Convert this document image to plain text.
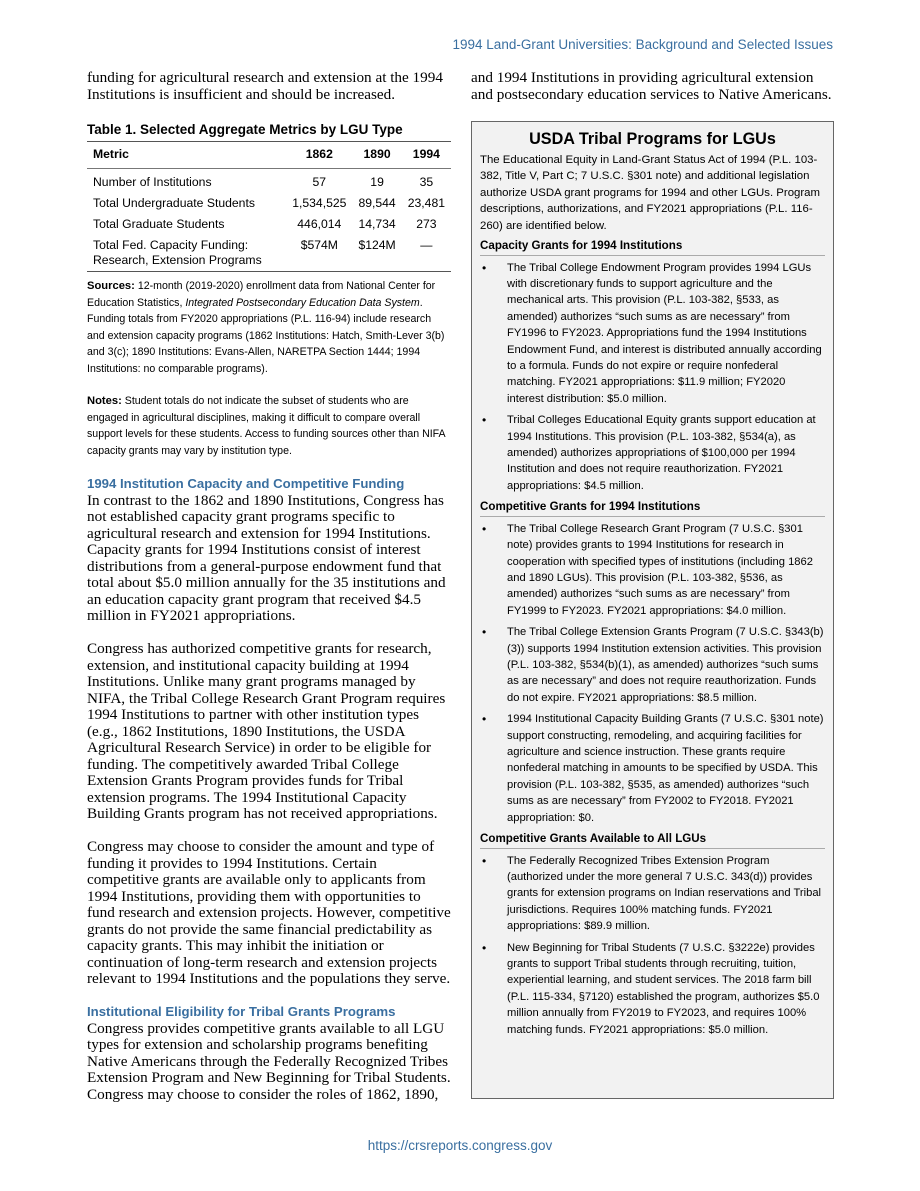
1994 Land-Grant Universities: Background and Selected Issues

funding for agricultural research and extension at the 1994 Institutions is insufficient and should be increased.

Table 1. Selected Aggregate Metrics by LGU Type
Metric	1862	1890	1994
Number of Institutions	57	19	35
Total Undergraduate Students	1,534,525	89,544	23,481
Total Graduate Students	446,014	14,734	273
Total Fed. Capacity Funding: Research, Extension Programs	$574M	$124M	—

Sources: 12-month (2019-2020) enrollment data from National Center for Education Statistics, Integrated Postsecondary Education Data System. Funding totals from FY2020 appropriations (P.L. 116-94) include research and extension capacity programs (1862 Institutions: Hatch, Smith-Lever 3(b) and 3(c); 1890 Institutions: Evans-Allen, NARETPA Section 1444; 1994 Institutions: no comparable programs).

Notes: Student totals do not indicate the subset of students who are engaged in agricultural disciplines, making it difficult to compare overall support levels for these students. Access to funding sources other than NIFA capacity grants may vary by institution type.

1994 Institution Capacity and Competitive Funding

In contrast to the 1862 and 1890 Institutions, Congress has not established capacity grant programs specific to agricultural research and extension for 1994 Institutions. Capacity grants for 1994 Institutions consist of interest distributions from a general-purpose endowment fund that total about $5.0 million annually for the 35 institutions and an education capacity grant program that received $4.5 million in FY2021 appropriations.

Congress has authorized competitive grants for research, extension, and institutional capacity building at 1994 Institutions. Unlike many grant programs managed by NIFA, the Tribal College Research Grant Program requires 1994 Institutions to partner with other institution types (e.g., 1862 Institutions, 1890 Institutions, the USDA Agricultural Research Service) in order to be eligible for funding. The competitively awarded Tribal College Extension Grants Program provides funds for Tribal extension programs. The 1994 Institutional Capacity Building Grants program has not received appropriations.

Congress may choose to consider the amount and type of funding it provides to 1994 Institutions. Certain competitive grants are available only to applicants from 1994 Institutions, providing them with opportunities to fund research and extension projects. However, competitive grants do not provide the same financial predictability as capacity grants. This may inhibit the initiation or continuation of long-term research and extension projects relevant to 1994 Institutions and the populations they serve.

Institutional Eligibility for Tribal Grants Programs

Congress provides competitive grants available to all LGU types for extension and scholarship programs benefiting Native Americans through the Federally Recognized Tribes Extension Program and New Beginning for Tribal Students. Congress may choose to consider the roles of 1862, 1890,

and 1994 Institutions in providing agricultural extension and postsecondary education services to Native Americans.

USDA Tribal Programs for LGUs

The Educational Equity in Land-Grant Status Act of 1994 (P.L. 103-382, Title V, Part C; 7 U.S.C. §301 note) and additional legislation authorize USDA grant programs for 1994 and other LGUs. Program descriptions, authorizations, and FY2021 appropriations (P.L. 116-260) are identified below.

Capacity Grants for 1994 Institutions
• The Tribal College Endowment Program provides 1994 LGUs with discretionary funds to support agriculture and the mechanical arts. This provision (P.L. 103-382, §533, as amended) authorizes “such sums as are necessary” from FY1996 to FY2023. Appropriations fund the 1994 Institutions Endowment Fund, and interest is distributed annually according to a formula. Funds do not expire or require nonfederal matching. FY2021 appropriations: $11.9 million; FY2020 interest distribution: $5.0 million.
• Tribal Colleges Educational Equity grants support education at 1994 Institutions. This provision (P.L. 103-382, §534(a), as amended) authorizes appropriations of $100,000 per 1994 Institution and does not require reauthorization. FY2021 appropriations: $4.5 million.
Competitive Grants for 1994 Institutions
• The Tribal College Research Grant Program (7 U.S.C. §301 note) provides grants to 1994 Institutions for research in cooperation with specified types of institutions (including 1862 and 1890 LGUs). This provision (P.L. 103-382, §536, as amended) authorizes “such sums as are necessary” from FY1999 to FY2023. FY2021 appropriations: $4.0 million.
• The Tribal College Extension Grants Program (7 U.S.C. §343(b)(3)) supports 1994 Institution extension activities. This provision (P.L. 103-382, §534(b)(1), as amended) authorizes “such sums as are necessary” and does not require reauthorization. Funds do not expire. FY2021 appropriations: $8.5 million.
• 1994 Institutional Capacity Building Grants (7 U.S.C. §301 note) support constructing, remodeling, and acquiring facilities for agriculture and science instruction. These grants require nonfederal matching in amounts to be specified by USDA. This provision (P.L. 103-382, §535, as amended) authorizes “such sums as are necessary” from FY2002 to FY2018. FY2021 appropriation: $0.
Competitive Grants Available to All LGUs
• The Federally Recognized Tribes Extension Program (authorized under the more general 7 U.S.C. 343(d)) provides grants for extension programs on Indian reservations and Tribal jurisdictions. Requires 100% matching funds. FY2021 appropriations: $89.9 million.
• New Beginning for Tribal Students (7 U.S.C. §3222e) provides grants to support Tribal students through recruiting, tuition, experiential learning, and student services. The 2018 farm bill (P.L. 115-334, §7120) established the program, authorizes $5.0 million annually from FY2019 to FY2023, and requires 100% matching funds. FY2021 appropriations: $5.0 million.
https://crsreports.congress.gov
